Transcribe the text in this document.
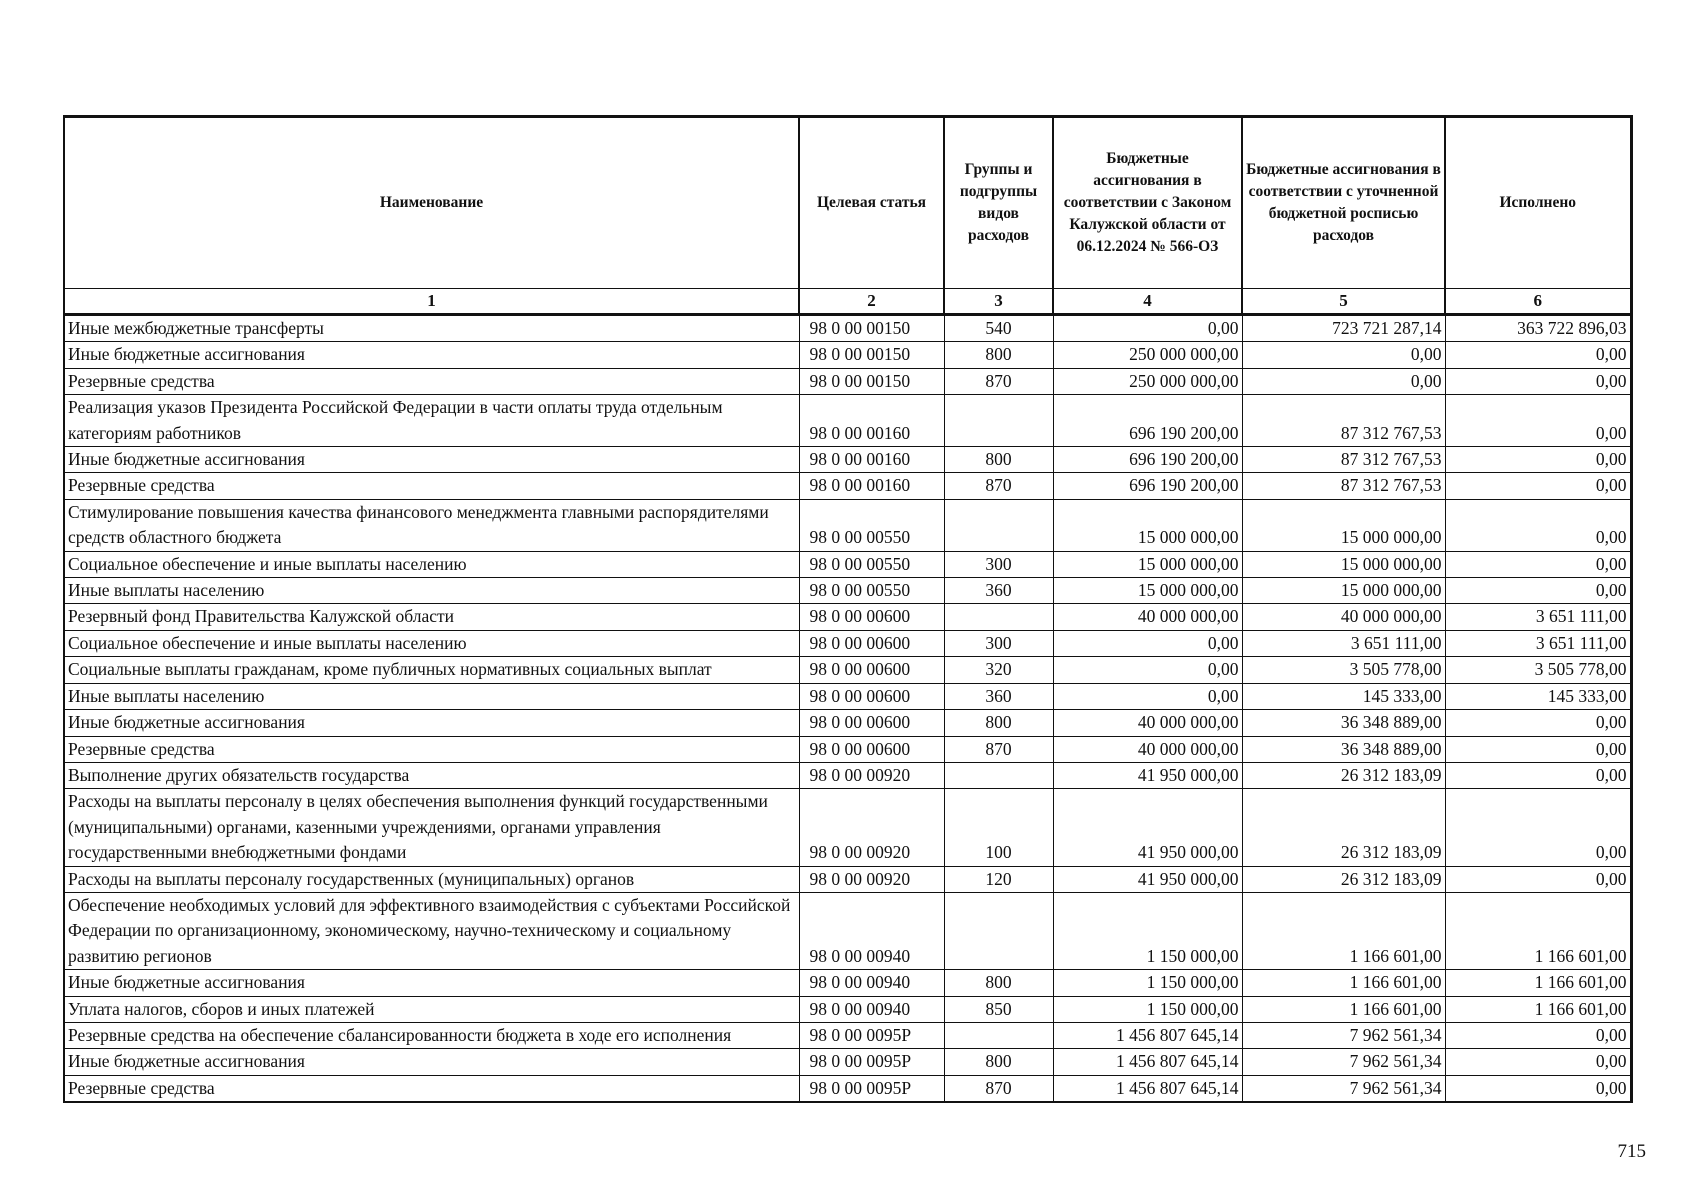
Наименование	Целевая статья	Группы и подгруппы видов расходов	Бюджетные ассигнования в соответствии с Законом Калужской области от 06.12.2024 № 566-ОЗ	Бюджетные ассигнования в соответствии с уточненной бюджетной росписью расходов	Исполнено
1	2	3	4	5	6
Иные межбюджетные трансферты	98 0 00 00150	540	0,00	723 721 287,14	363 722 896,03
Иные бюджетные ассигнования	98 0 00 00150	800	250 000 000,00	0,00	0,00
Резервные средства	98 0 00 00150	870	250 000 000,00	0,00	0,00
Реализация указов Президента Российской Федерации в части оплаты труда отдельным категориям работников	98 0 00 00160		696 190 200,00	87 312 767,53	0,00
Иные бюджетные ассигнования	98 0 00 00160	800	696 190 200,00	87 312 767,53	0,00
Резервные средства	98 0 00 00160	870	696 190 200,00	87 312 767,53	0,00
Стимулирование повышения качества финансового менеджмента главными распорядителями средств областного бюджета	98 0 00 00550		15 000 000,00	15 000 000,00	0,00
Социальное обеспечение и иные выплаты населению	98 0 00 00550	300	15 000 000,00	15 000 000,00	0,00
Иные выплаты населению	98 0 00 00550	360	15 000 000,00	15 000 000,00	0,00
Резервный фонд Правительства Калужской области	98 0 00 00600		40 000 000,00	40 000 000,00	3 651 111,00
Социальное обеспечение и иные выплаты населению	98 0 00 00600	300	0,00	3 651 111,00	3 651 111,00
Социальные выплаты гражданам, кроме публичных нормативных социальных выплат	98 0 00 00600	320	0,00	3 505 778,00	3 505 778,00
Иные выплаты населению	98 0 00 00600	360	0,00	145 333,00	145 333,00
Иные бюджетные ассигнования	98 0 00 00600	800	40 000 000,00	36 348 889,00	0,00
Резервные средства	98 0 00 00600	870	40 000 000,00	36 348 889,00	0,00
Выполнение других обязательств государства	98 0 00 00920		41 950 000,00	26 312 183,09	0,00
Расходы на выплаты персоналу в целях обеспечения выполнения функций государственными (муниципальными) органами, казенными учреждениями, органами управления государственными внебюджетными фондами	98 0 00 00920	100	41 950 000,00	26 312 183,09	0,00
Расходы на выплаты персоналу государственных (муниципальных) органов	98 0 00 00920	120	41 950 000,00	26 312 183,09	0,00
Обеспечение необходимых условий для эффективного взаимодействия с субъектами Российской Федерации по организационному, экономическому, научно-техническому и социальному развитию регионов	98 0 00 00940		1 150 000,00	1 166 601,00	1 166 601,00
Иные бюджетные ассигнования	98 0 00 00940	800	1 150 000,00	1 166 601,00	1 166 601,00
Уплата налогов, сборов и иных платежей	98 0 00 00940	850	1 150 000,00	1 166 601,00	1 166 601,00
Резервные средства на обеспечение сбалансированности бюджета в ходе его исполнения	98 0 00 0095Р		1 456 807 645,14	7 962 561,34	0,00
Иные бюджетные ассигнования	98 0 00 0095Р	800	1 456 807 645,14	7 962 561,34	0,00
Резервные средства	98 0 00 0095Р	870	1 456 807 645,14	7 962 561,34	0,00
715
